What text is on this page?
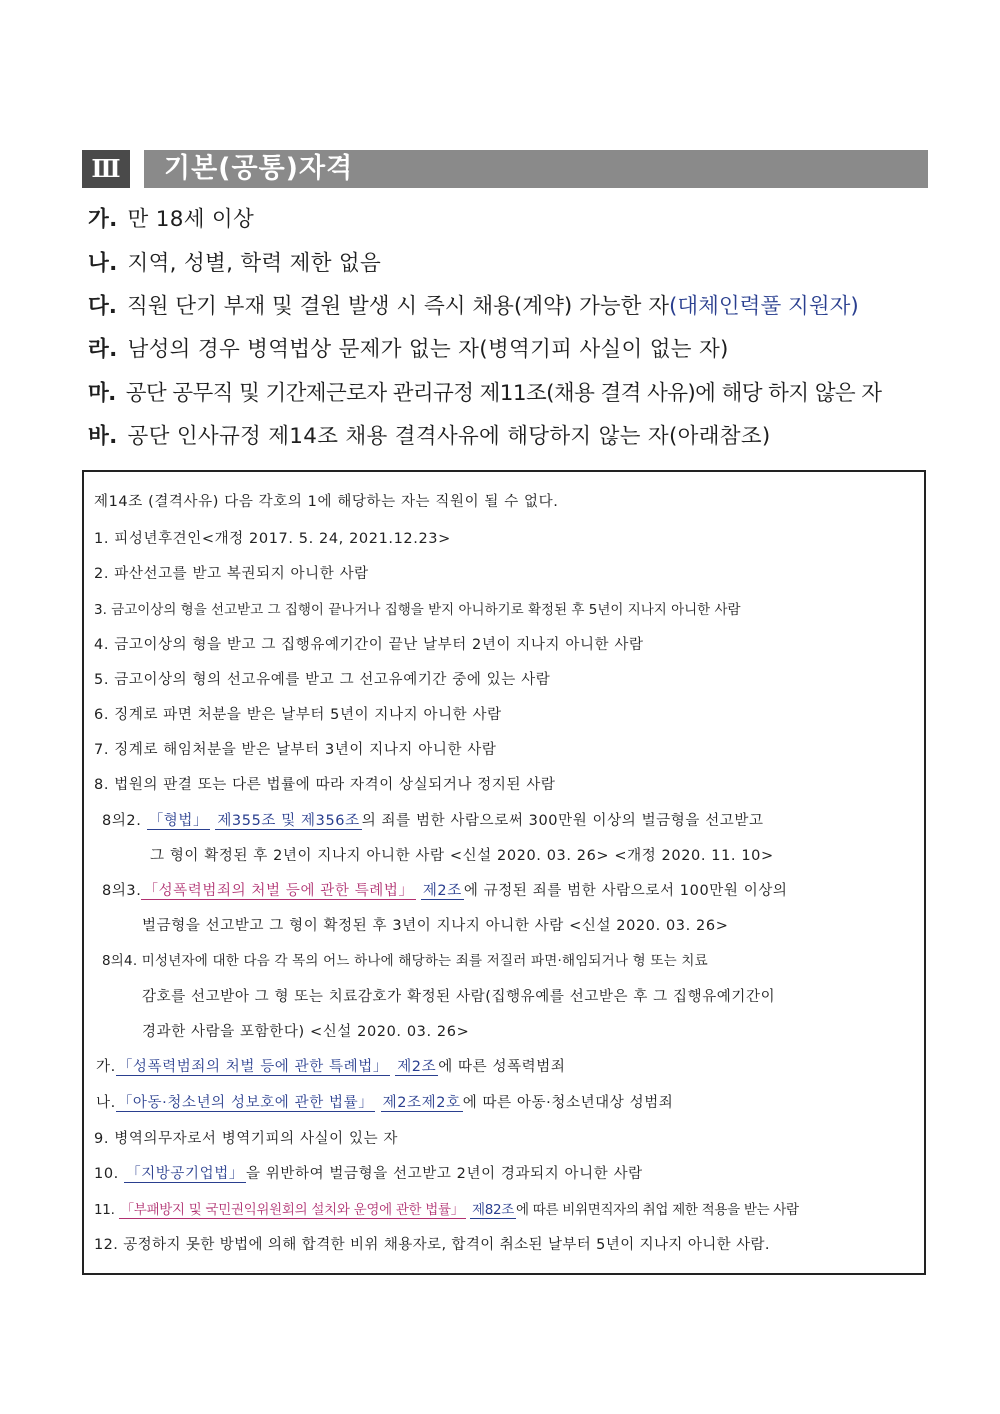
Ⅲ	기본(공통)자격
가. 만 18세 이상
나. 지역, 성별, 학력 제한 없음
다. 직원 단기 부재 및 결원 발생 시 즉시 채용(계약) 가능한 자 (대체인력풀 지원자)
라. 남성의 경우 병역법상 문제가 없는 자(병역기피 사실이 없는 자)
마. 공단 공무직 및 기간제근로자 관리규정 제11조(채용 결격 사유)에 해당 하지 않은 자
바. 공단 인사규정 제14조 채용 결격사유에 해당하지 않는 자(아래참조)
제14조 (결격사유) 다음 각호의 1에 해당하는 자는 직원이 될 수 없다.
1. 피성년후견인<개정 2017. 5. 24, 2021.12.23>
2. 파산선고를 받고 복권되지 아니한 사람
3. 금고이상의 형을 선고받고 그 집행이 끝나거나 집행을 받지 아니하기로 확정된 후 5년이 지나지 아니한 사람
4. 금고이상의 형을 받고 그 집행유예기간이 끝난 날부터 2년이 지나지 아니한 사람
5. 금고이상의 형의 선고유예를 받고 그 선고유예기간 중에 있는 사람
6. 징계로 파면 처분을 받은 날부터 5년이 지나지 아니한 사람
7. 징계로 해임처분을 받은 날부터 3년이 지나지 아니한 사람
8. 법원의 판결 또는 다른 법률에 따라 자격이 상실되거나 정지된 사람
8의2. 「형법」 제355조 및 제356조 의 죄를 범한 사람으로써 300만원 이상의 벌금형을 선고받고
그 형이 확정된 후 2년이 지나지 아니한 사람 <신설 2020. 03. 26> <개정 2020. 11. 10>
8의3. 「성폭력범죄의 처벌 등에 관한 특례법」 제2조 에 규정된 죄를 범한 사람으로서 100만원 이상의
벌금형을 선고받고 그 형이 확정된 후 3년이 지나지 아니한 사람 <신설 2020. 03. 26>
8의4. 미성년자에 대한 다음 각 목의 어느 하나에 해당하는 죄를 저질러 파면·해임되거나 형 또는 치료
감호를 선고받아 그 형 또는 치료감호가 확정된 사람(집행유예를 선고받은 후 그 집행유예기간이
경과한 사람을 포함한다) <신설 2020. 03. 26>
가. 「성폭력범죄의 처벌 등에 관한 특례법」 제2조 에 따른 성폭력범죄
나. 「아동·청소년의 성보호에 관한 법률」 제2조제2호 에 따른 아동·청소년대상 성범죄
9. 병역의무자로서 병역기피의 사실이 있는 자
10. 「지방공기업법」 을 위반하여 벌금형을 선고받고 2년이 경과되지 아니한 사람
11. 「부패방지 및 국민권익위원회의 설치와 운영에 관한 법률」 제82조 에 따른 비위면직자의 취업 제한 적용을 받는 사람
12. 공정하지 못한 방법에 의해 합격한 비위 채용자로, 합격이 취소된 날부터 5년이 지나지 아니한 사람.
